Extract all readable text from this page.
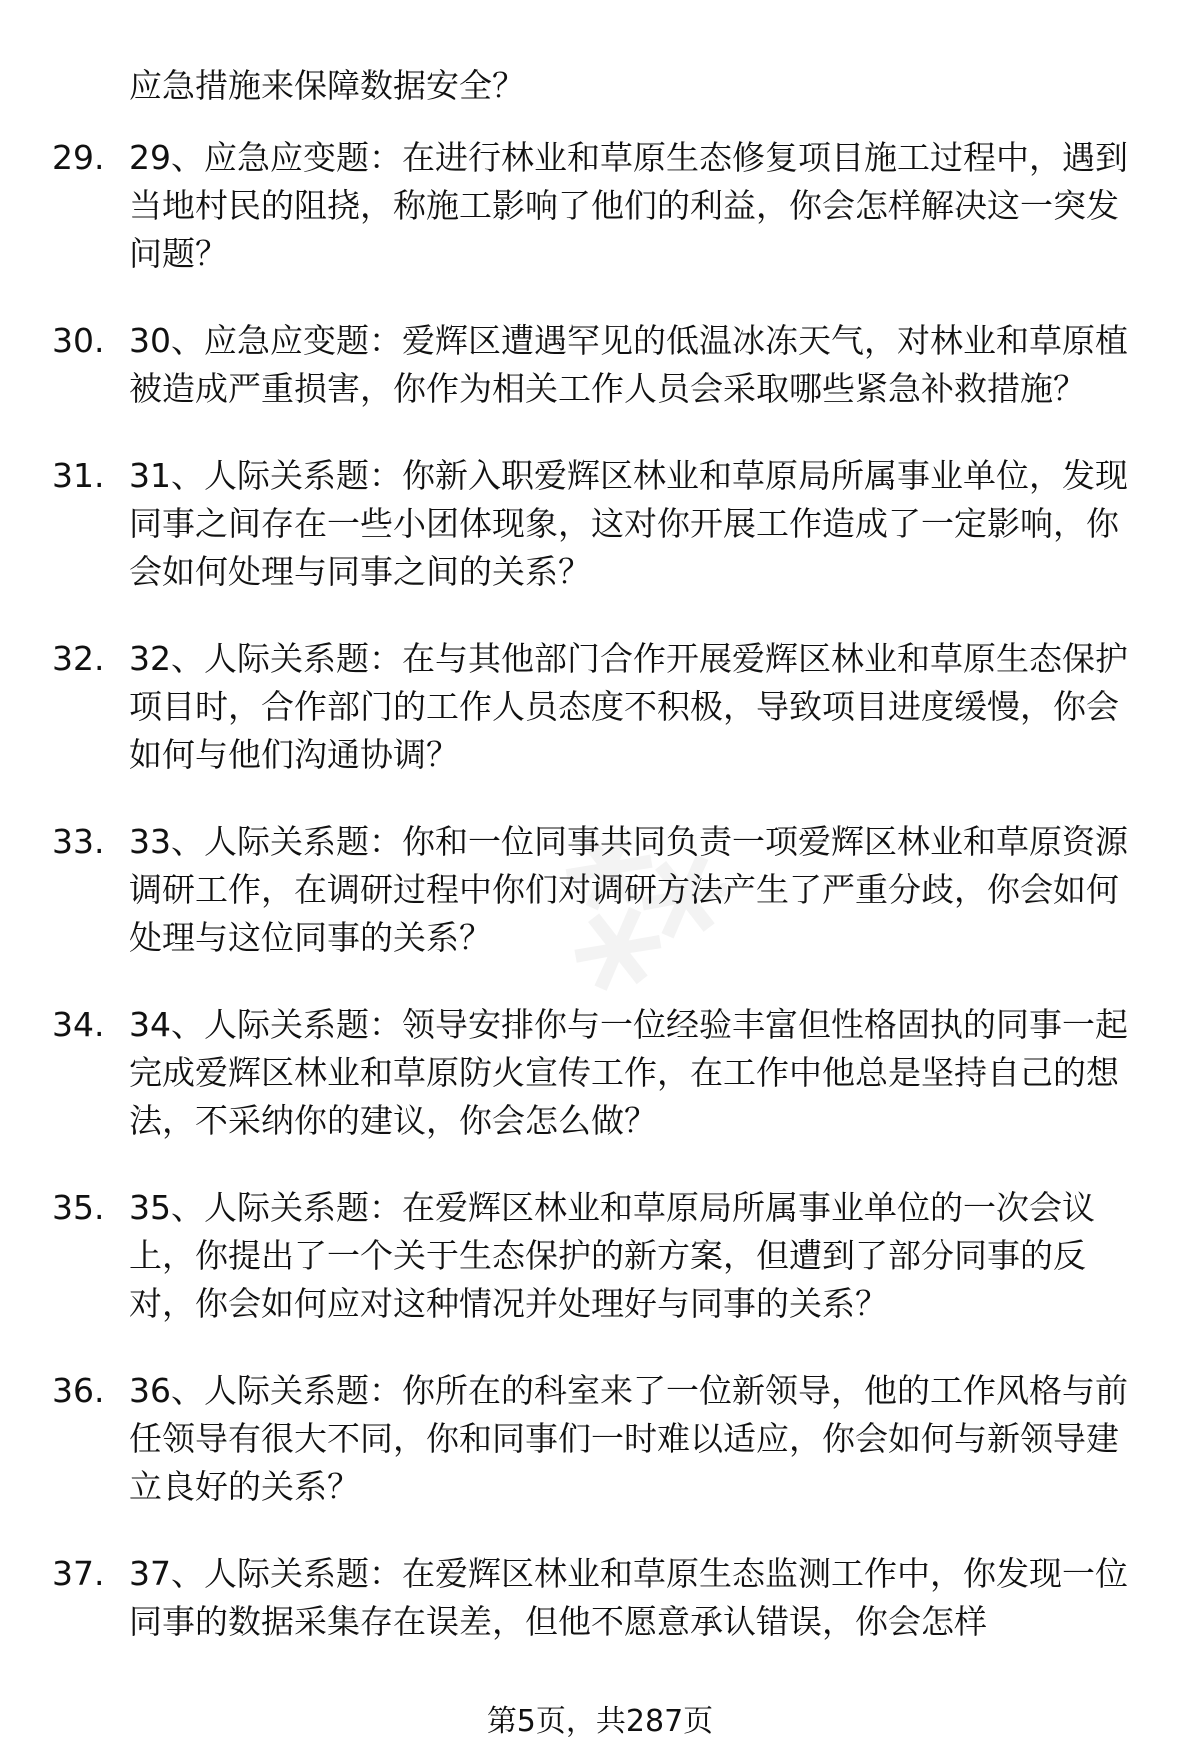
应急措施来保障数据安全？
29. 29、应急应变题：在进行林业和草原生态修复项目施工过程中，遇到当地村民的阻挠，称施工影响了他们的利益，你会怎样解决这一突发问题？
30. 30、应急应变题：爱辉区遭遇罕见的低温冰冻天气，对林业和草原植被造成严重损害，你作为相关工作人员会采取哪些紧急补救措施？
31. 31、人际关系题：你新入职爱辉区林业和草原局所属事业单位，发现同事之间存在一些小团体现象，这对你开展工作造成了一定影响，你会如何处理与同事之间的关系？
32. 32、人际关系题：在与其他部门合作开展爱辉区林业和草原生态保护项目时，合作部门的工作人员态度不积极，导致项目进度缓慢，你会如何与他们沟通协调？
33. 33、人际关系题：你和一位同事共同负责一项爱辉区林业和草原资源调研工作，在调研过程中你们对调研方法产生了严重分歧，你会如何处理与这位同事的关系？
34. 34、人际关系题：领导安排你与一位经验丰富但性格固执的同事一起完成爱辉区林业和草原防火宣传工作，在工作中他总是坚持自己的想法，不采纳你的建议，你会怎么做？
35. 35、人际关系题：在爱辉区林业和草原局所属事业单位的一次会议上，你提出了一个关于生态保护的新方案，但遭到了部分同事的反对，你会如何应对这种情况并处理好与同事的关系？
36. 36、人际关系题：你所在的科室来了一位新领导，他的工作风格与前任领导有很大不同，你和同事们一时难以适应，你会如何与新领导建立良好的关系？
37. 37、人际关系题：在爱辉区林业和草原生态监测工作中，你发现一位同事的数据采集存在误差，但他不愿意承认错误，你会怎样
第5页，共287页
